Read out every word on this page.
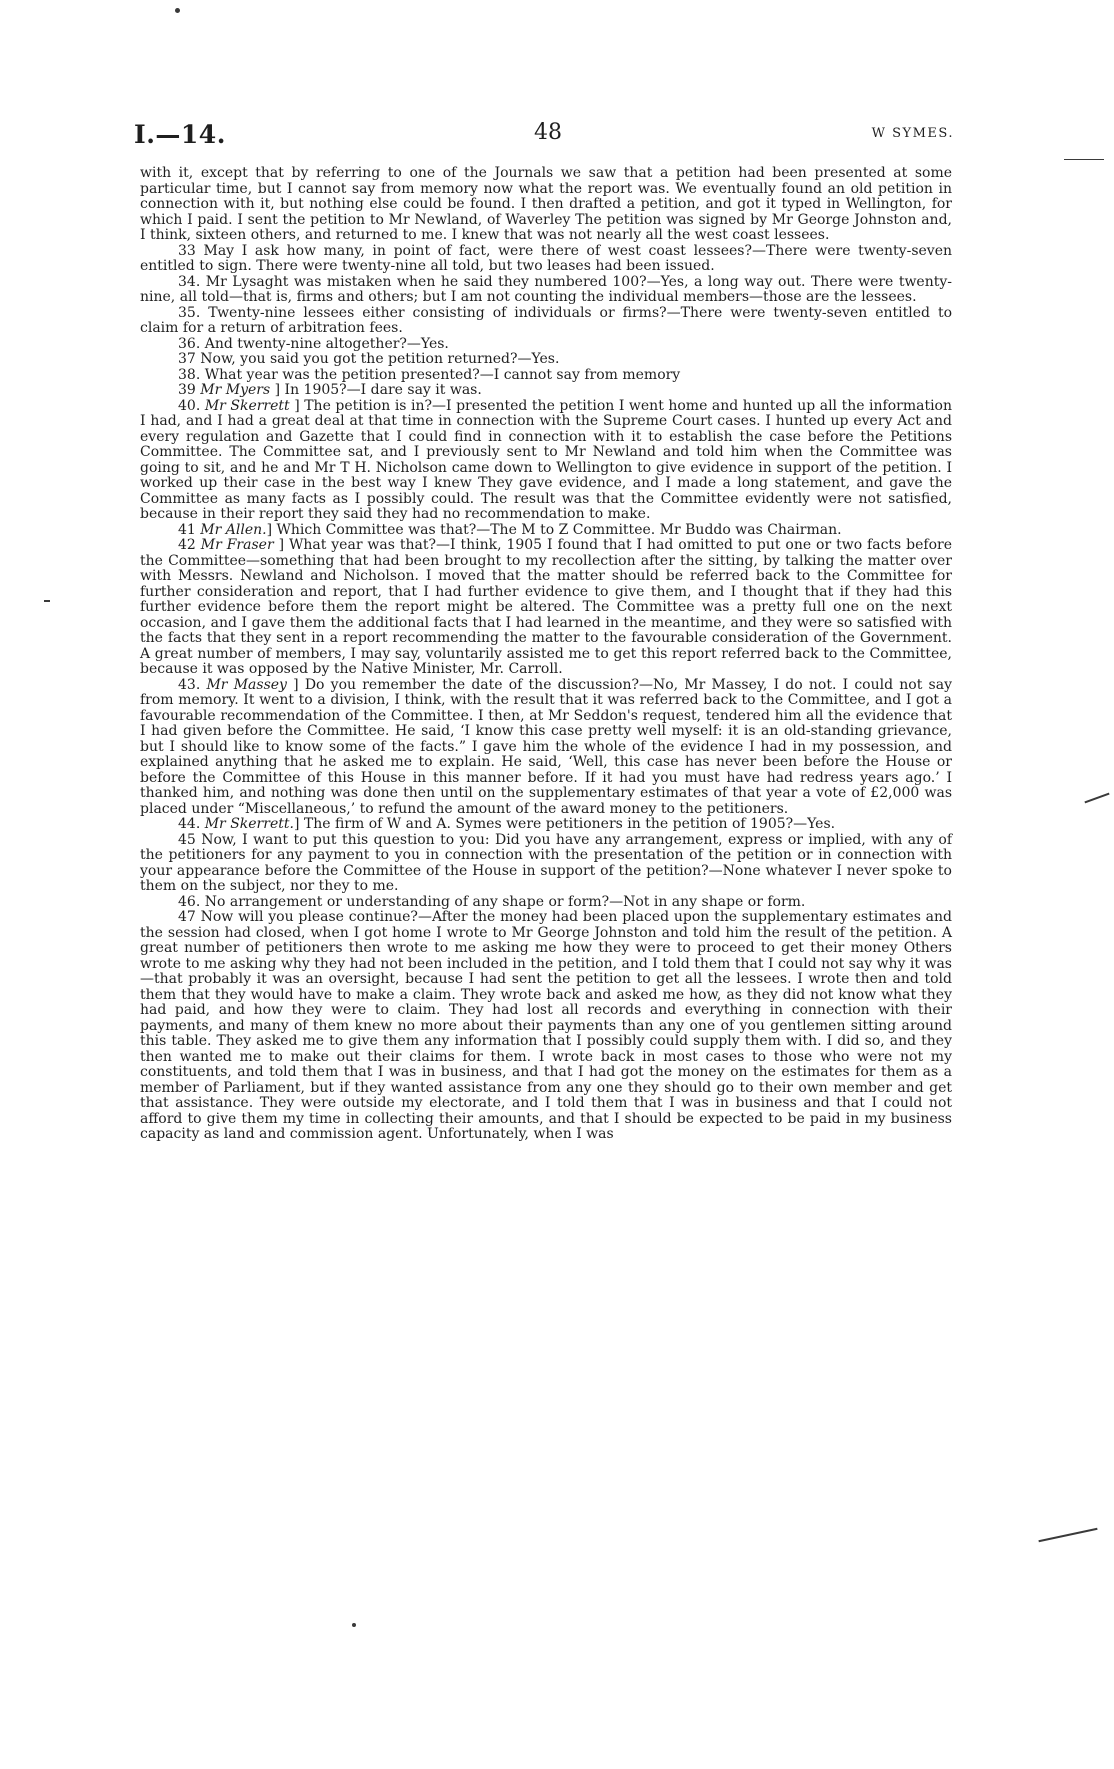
I.—14.	48	W SYMES.

with it, except that by referring to one of the Journals we saw that a petition had been presented at some particular time, but I cannot say from memory now what the report was. We eventually found an old petition in connection with it, but nothing else could be found. I then drafted a petition, and got it typed in Wellington, for which I paid. I sent the petition to Mr Newland, of Waverley The petition was signed by Mr George Johnston and, I think, sixteen others, and returned to me. I knew that was not nearly all the west coast lessees.

33 May I ask how many, in point of fact, were there of west coast lessees?—There were twenty-seven entitled to sign. There were twenty-nine all told, but two leases had been issued.

34. Mr Lysaght was mistaken when he said they numbered 100?—Yes, a long way out. There were twenty-nine, all told—that is, firms and others; but I am not counting the individual members—those are the lessees.

35. Twenty-nine lessees either consisting of individuals or firms?—There were twenty-seven entitled to claim for a return of arbitration fees.

36. And twenty-nine altogether?—Yes.

37 Now, you said you got the petition returned?—Yes.

38. What year was the petition presented?—I cannot say from memory

39 Mr Myers ] In 1905?—I dare say it was.

40. Mr Skerrett ] The petition is in?—I presented the petition I went home and hunted up all the information I had, and I had a great deal at that time in connection with the Supreme Court cases. I hunted up every Act and every regulation and Gazette that I could find in connection with it to establish the case before the Petitions Committee. The Committee sat, and I previously sent to Mr Newland and told him when the Committee was going to sit, and he and Mr T H. Nicholson came down to Wellington to give evidence in support of the petition. I worked up their case in the best way I knew They gave evidence, and I made a long statement, and gave the Committee as many facts as I possibly could. The result was that the Committee evidently were not satisfied, because in their report they said they had no recommendation to make.

41 Mr Allen.] Which Committee was that?—The M to Z Committee. Mr Buddo was Chairman.

42 Mr Fraser ] What year was that?—I think, 1905 I found that I had omitted to put one or two facts before the Committee—something that had been brought to my recollection after the sitting, by talking the matter over with Messrs. Newland and Nicholson. I moved that the matter should be referred back to the Committee for further consideration and report, that I had further evidence to give them, and I thought that if they had this further evidence before them the report might be altered. The Committee was a pretty full one on the next occasion, and I gave them the additional facts that I had learned in the meantime, and they were so satisfied with the facts that they sent in a report recommending the matter to the favourable consideration of the Government. A great number of members, I may say, voluntarily assisted me to get this report referred back to the Committee, because it was opposed by the Native Minister, Mr. Carroll.

43. Mr Massey ] Do you remember the date of the discussion?—No, Mr Massey, I do not. I could not say from memory. It went to a division, I think, with the result that it was referred back to the Committee, and I got a favourable recommendation of the Committee. I then, at Mr Seddon's request, tendered him all the evidence that I had given before the Committee. He said, ‘I know this case pretty well myself: it is an old-standing grievance, but I should like to know some of the facts.” I gave him the whole of the evidence I had in my possession, and explained anything that he asked me to explain. He said, ‘Well, this case has never been before the House or before the Committee of this House in this manner before. If it had you must have had redress years ago.’ I thanked him, and nothing was done then until on the supplementary estimates of that year a vote of £2,000 was placed under “Miscellaneous,’ to refund the amount of the award money to the petitioners.

44. Mr Skerrett.] The firm of W and A. Symes were petitioners in the petition of 1905?—Yes.

45 Now, I want to put this question to you: Did you have any arrangement, express or implied, with any of the petitioners for any payment to you in connection with the presentation of the petition or in connection with your appearance before the Committee of the House in support of the petition?—None whatever I never spoke to them on the subject, nor they to me.

46. No arrangement or understanding of any shape or form?—Not in any shape or form.

47 Now will you please continue?—After the money had been placed upon the supplementary estimates and the session had closed, when I got home I wrote to Mr George Johnston and told him the result of the petition. A great number of petitioners then wrote to me asking me how they were to proceed to get their money Others wrote to me asking why they had not been included in the petition, and I told them that I could not say why it was—that probably it was an oversight, because I had sent the petition to get all the lessees. I wrote then and told them that they would have to make a claim. They wrote back and asked me how, as they did not know what they had paid, and how they were to claim. They had lost all records and everything in connection with their payments, and many of them knew no more about their payments than any one of you gentlemen sitting around this table. They asked me to give them any information that I possibly could supply them with. I did so, and they then wanted me to make out their claims for them. I wrote back in most cases to those who were not my constituents, and told them that I was in business, and that I had got the money on the estimates for them as a member of Parliament, but if they wanted assistance from any one they should go to their own member and get that assistance. They were outside my electorate, and I told them that I was in business and that I could not afford to give them my time in collecting their amounts, and that I should be expected to be paid in my business capacity as land and commission agent. Unfortunately, when I was
